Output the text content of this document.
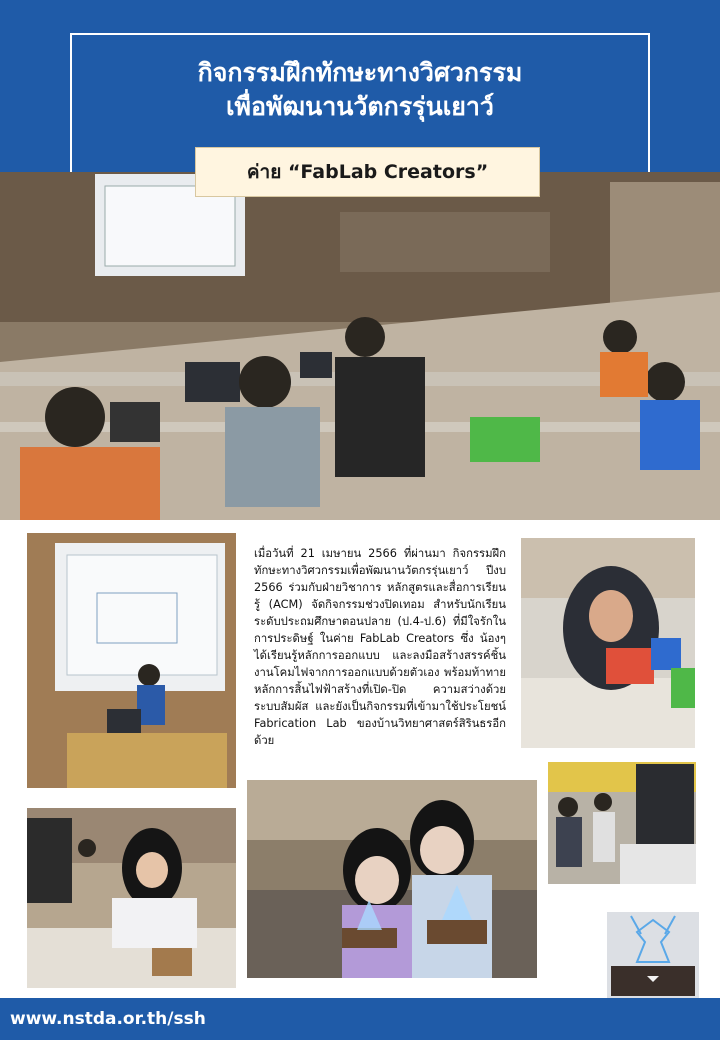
กิจกรรมฝึกทักษะทางวิศวกรรม
เพื่อพัฒนานวัตกรรุ่นเยาว์
ค่าย “FabLab Creators”
เมื่อวันที่ 21 เมษายน 2566 ที่ผ่านมา กิจกรรมฝึกทักษะทางวิศวกรรมเพื่อพัฒนานวัตกรรุ่นเยาว์ ปีงบ 2566 ร่วมกับฝ่ายวิชาการ หลักสูตรและสื่อการเรียนรู้ (ACM) จัดกิจกรรมช่วงปิดเทอม สำหรับนักเรียนระดับประถมศึกษาตอนปลาย (ป.4-ป.6) ที่มีใจรักในการประดิษฐ์ ในค่าย FabLab Creators ซึ่ง น้องๆ ได้เรียนรู้หลักการออกแบบ และลงมือสร้างสรรค์ชิ้นงานโคมไฟจากการออกแบบด้วยตัวเอง พร้อมท้าทายหลักการสิ้นไฟฟ้าสร้างที่เปิด-ปิด ความสว่างด้วยระบบสัมผัส และยังเป็นกิจกรรมที่เข้ามาใช้ประโยชน์ Fabrication Lab ของบ้านวิทยาศาสตร์สิรินธรอีกด้วย
www.nstda.or.th/ssh
